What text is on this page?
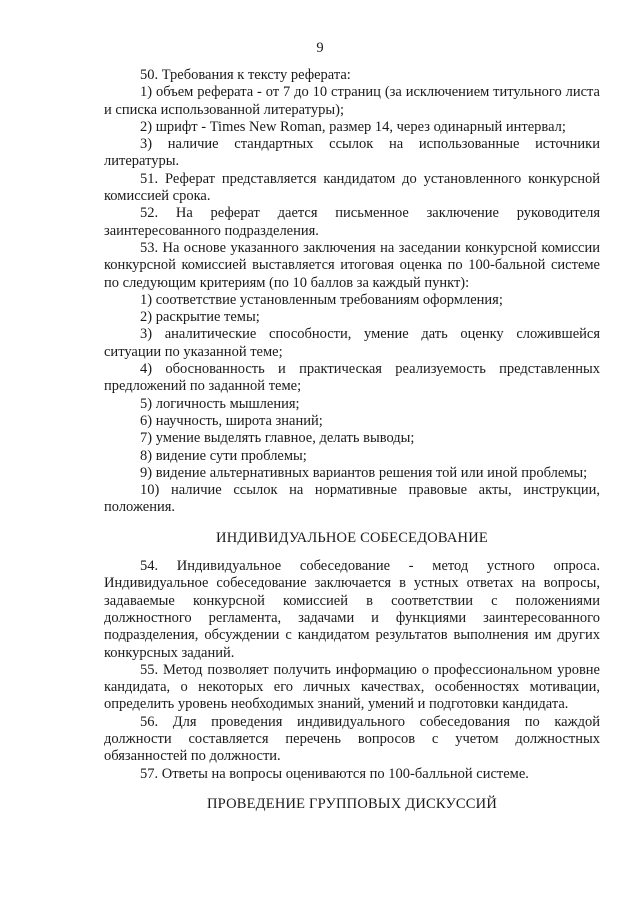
9

50. Требования к тексту реферата:

1) объем реферата - от 7 до 10 страниц (за исключением титульного листа и списка использованной литературы);

2) шрифт - Times New Roman, размер 14, через одинарный интервал;

3) наличие стандартных ссылок на использованные источники литературы.

51. Реферат представляется кандидатом до установленного конкурсной комиссией срока.

52. На реферат дается письменное заключение руководителя заинтересованного подразделения.

53. На основе указанного заключения на заседании конкурсной комиссии конкурсной комиссией выставляется итоговая оценка по 100-бальной системе по следующим критериям (по 10 баллов за каждый пункт):

1) соответствие установленным требованиям оформления;

2) раскрытие темы;

3) аналитические способности, умение дать оценку сложившейся ситуации по указанной теме;

4) обоснованность и практическая реализуемость представленных предложений по заданной теме;

5) логичность мышления;

6) научность, широта знаний;

7) умение выделять главное, делать выводы;

8) видение сути проблемы;

9) видение альтернативных вариантов решения той или иной проблемы;

10) наличие ссылок на нормативные правовые акты, инструкции, положения.

ИНДИВИДУАЛЬНОЕ СОБЕСЕДОВАНИЕ

54. Индивидуальное собеседование - метод устного опроса. Индивидуальное собеседование заключается в устных ответах на вопросы, задаваемые конкурсной комиссией в соответствии с положениями должностного регламента, задачами и функциями заинтересованного подразделения, обсуждении с кандидатом результатов выполнения им других конкурсных заданий.

55. Метод позволяет получить информацию о профессиональном уровне кандидата, о некоторых его личных качествах, особенностях мотивации, определить уровень необходимых знаний, умений и подготовки кандидата.

56. Для проведения индивидуального собеседования по каждой должности составляется перечень вопросов с учетом должностных обязанностей по должности.

57. Ответы на вопросы оцениваются по 100-балльной системе.

ПРОВЕДЕНИЕ ГРУППОВЫХ ДИСКУССИЙ
